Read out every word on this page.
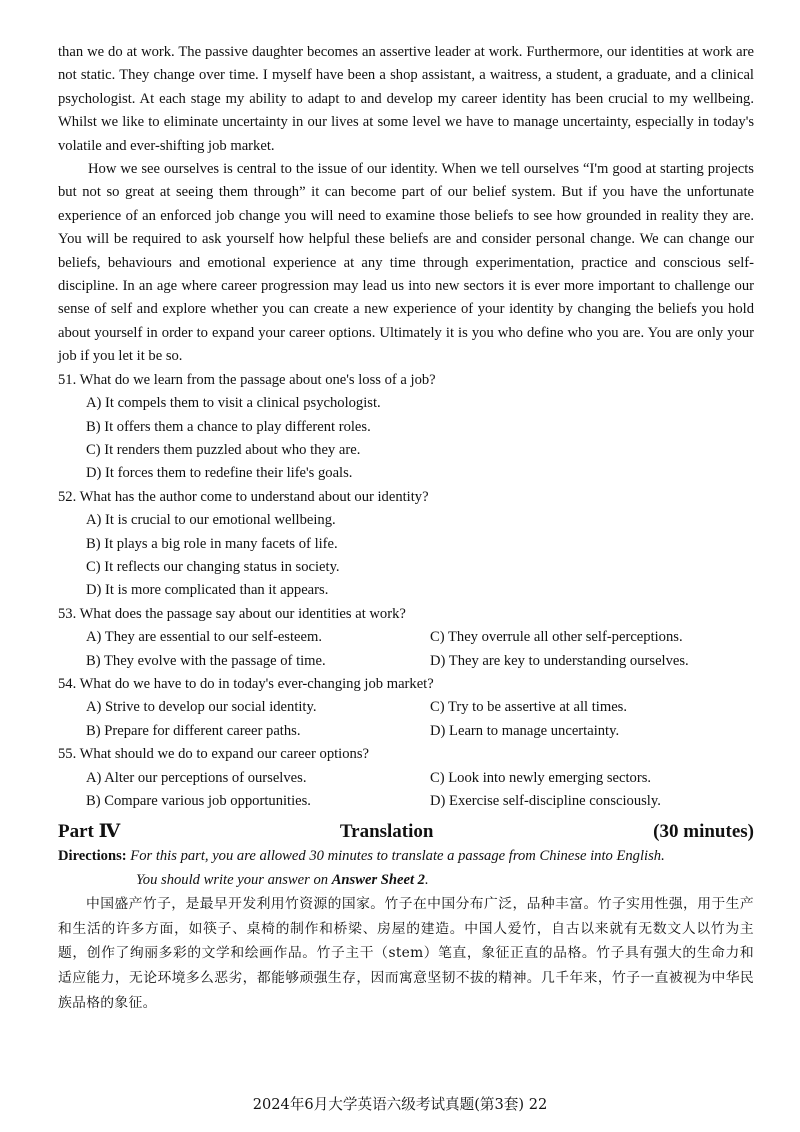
than we do at work. The passive daughter becomes an assertive leader at work. Furthermore, our identities at work are not static. They change over time. I myself have been a shop assistant, a waitress, a student, a graduate, and a clinical psychologist. At each stage my ability to adapt to and develop my career identity has been crucial to my wellbeing. Whilst we like to eliminate uncertainty in our lives at some level we have to manage uncertainty, especially in today's volatile and ever-shifting job market.

How we see ourselves is central to the issue of our identity. When we tell ourselves “I'm good at starting projects but not so great at seeing them through” it can become part of our belief system. But if you have the unfortunate experience of an enforced job change you will need to examine those beliefs to see how grounded in reality they are. You will be required to ask yourself how helpful these beliefs are and consider personal change. We can change our beliefs, behaviours and emotional experience at any time through experimentation, practice and conscious self-discipline. In an age where career progression may lead us into new sectors it is ever more important to challenge our sense of self and explore whether you can create a new experience of your identity by changing the beliefs you hold about yourself in order to expand your career options. Ultimately it is you who define who you are. You are only your job if you let it be so.

51. What do we learn from the passage about one's loss of a job?

A) It compels them to visit a clinical psychologist.

B) It offers them a chance to play different roles.

C) It renders them puzzled about who they are.

D) It forces them to redefine their life's goals.

52. What has the author come to understand about our identity?

A) It is crucial to our emotional wellbeing.

B) It plays a big role in many facets of life.

C) It reflects our changing status in society.

D) It is more complicated than it appears.

53. What does the passage say about our identities at work?

A) They are essential to our self-esteem.	C) They overrule all other self-perceptions.
B) They evolve with the passage of time.	D) They are key to understanding ourselves.

54. What do we have to do in today's ever-changing job market?

A) Strive to develop our social identity.	C) Try to be assertive at all times.
B) Prepare for different career paths.	D) Learn to manage uncertainty.

55. What should we do to expand our career options?

A) Alter our perceptions of ourselves.	C) Look into newly emerging sectors.
B) Compare various job opportunities.	D) Exercise self-discipline consciously.
Part Ⅳ	Translation	(30 minutes)
Directions: For this part, you are allowed 30 minutes to translate a passage from Chinese into English.
You should write your answer on Answer Sheet 2.

中国盛产竹子，是最早开发利用竹资源的国家。竹子在中国分布广泛，品种丰富。竹子实用性强，用于生产和生活的许多方面，如筷子、桌椅的制作和桥梁、房屋的建造。中国人爱竹，自古以来就有无数文人以竹为主题，创作了绚丽多彩的文学和绘画作品。竹子主干（stem）笔直，象征正直的品格。竹子具有强大的生命力和适应能力，无论环境多么恶劣，都能够顽强生存，因而寓意坚韧不拔的精神。几千年来，竹子一直被视为中华民族品格的象征。

2024年6月大学英语六级考试真题(第3套) 22
